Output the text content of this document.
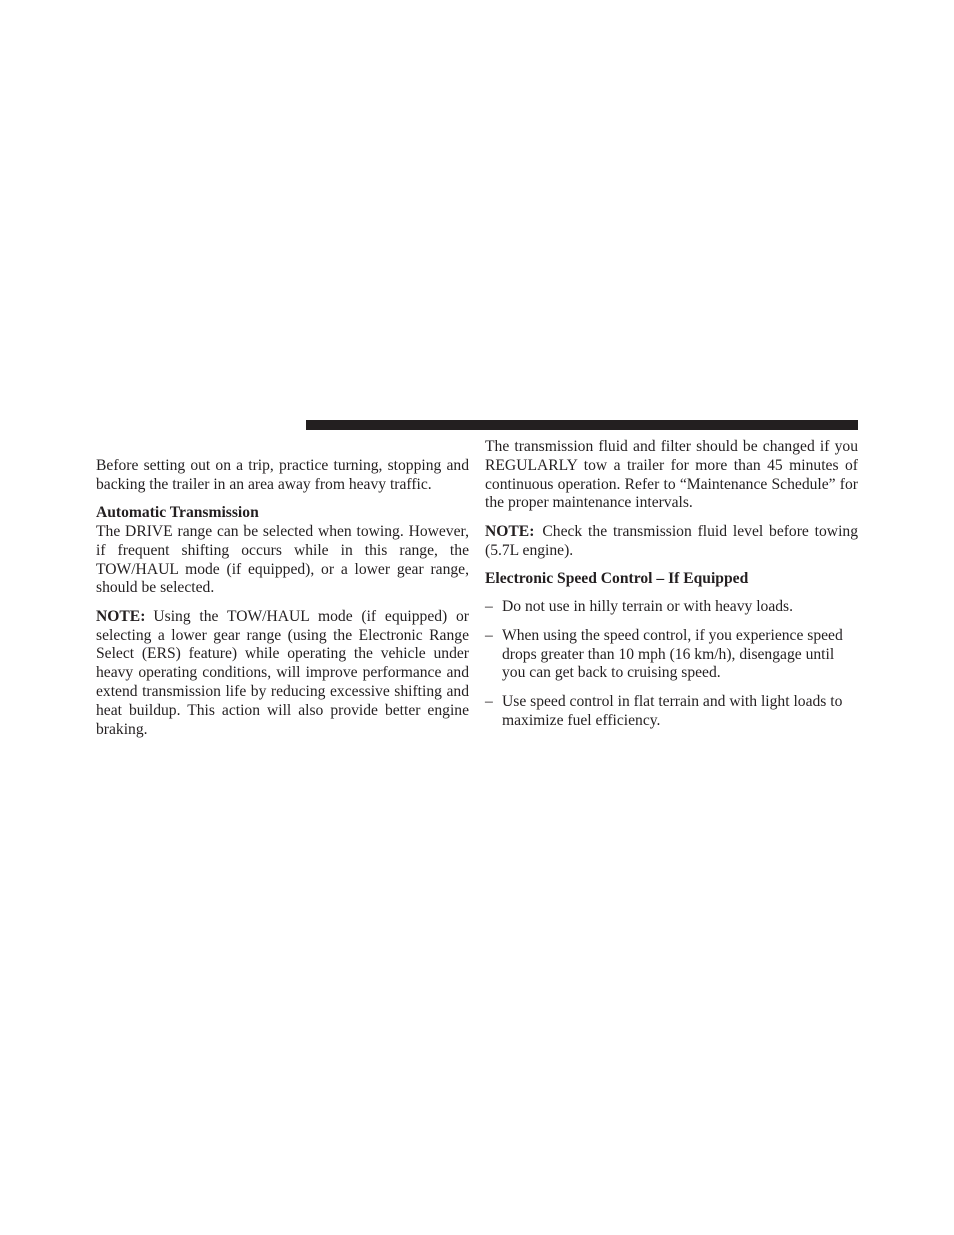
Before setting out on a trip, practice turning, stopping and backing the trailer in an area away from heavy traffic.

Automatic Transmission

The DRIVE range can be selected when towing. However, if frequent shifting occurs while in this range, the TOW/HAUL mode (if equipped), or a lower gear range, should be selected.

NOTE: Using the TOW/HAUL mode (if equipped) or selecting a lower gear range (using the Electronic Range Select (ERS) feature) while operating the vehicle under heavy operating conditions, will improve performance and extend transmission life by reducing excessive shifting and heat buildup. This action will also provide better engine braking.

The transmission fluid and filter should be changed if you REGULARLY tow a trailer for more than 45 minutes of continuous operation. Refer to “Maintenance Schedule” for the proper maintenance intervals.

NOTE: Check the transmission fluid level before towing (5.7L engine).

Electronic Speed Control – If Equipped
– Do not use in hilly terrain or with heavy loads.
– When using the speed control, if you experience speed drops greater than 10 mph (16 km/h), disengage until you can get back to cruising speed.
– Use speed control in flat terrain and with light loads to maximize fuel efficiency.
